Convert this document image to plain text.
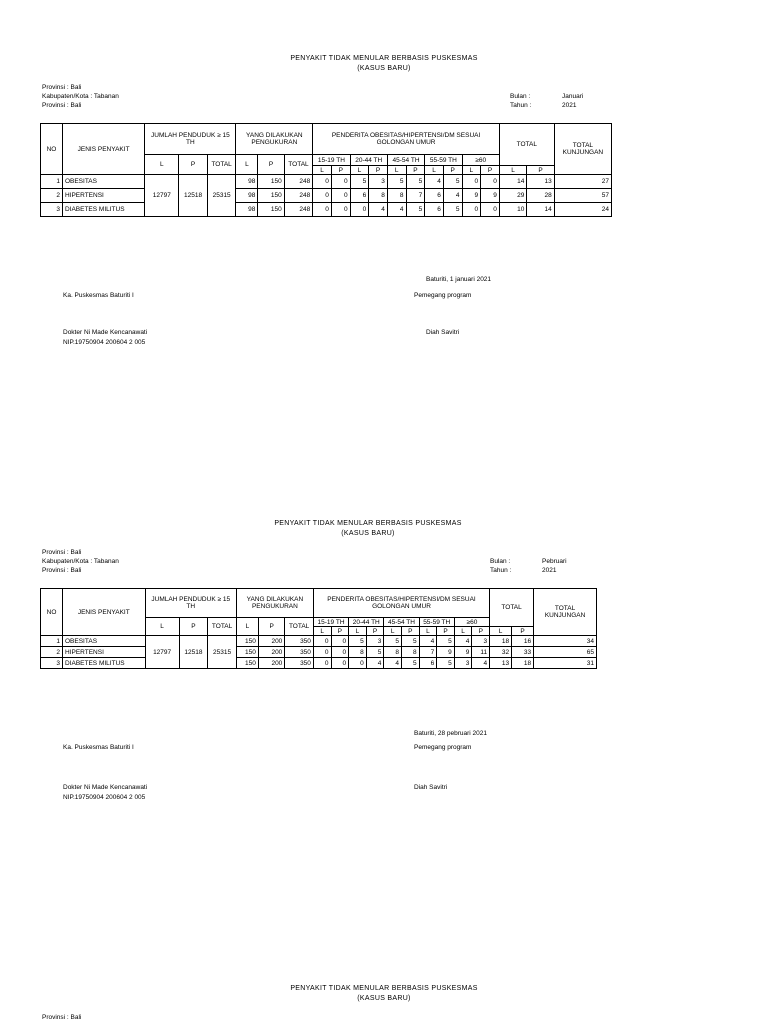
PENYAKIT TIDAK MENULAR BERBASIS PUSKESMAS
(KASUS BARU)
Provinsi : Bali
Kabupaten/Kota : Tabanan
Provinsi : Bali
Bulan :	Januari
Tahun :	2021
NO	JENIS PENYAKIT	JUMLAH PENDUDUK ≥ 15 TH			YANG DILAKUKAN PENGUKURAN			PENDERITA OBESITAS/HIPERTENSI/DM SESUAI GOLONGAN UMUR										TOTAL		TOTAL KUNJUNGAN
		L	P	TOTAL	L	P	TOTAL	15-19 TH		20-44 TH		45-54 TH		55-59 TH		≥60				
								L	P	L	P	L	P	L	P	L	P	L	P	
1	OBESITAS	12797	12518	25315	98	150	248	0	0	5	3	5	5	4	5	0	0	14	13	27
2	HIPERTENSI				98	150	248	0	0	6	8	8	7	6	4	9	9	29	28	57
3	DIABETES MILITUS				98	150	248	0	0	0	4	4	5	6	5	0	0	10	14	24
Baturiti, 1 januari 2021
Ka. Puskesmas Baturiti I	Pemegang program
Dokter Ni Made Kencanawati
NIP.19750904 200604 2 005
Diah Savitri
PENYAKIT TIDAK MENULAR BERBASIS PUSKESMAS
(KASUS BARU)
Provinsi : Bali
Kabupaten/Kota : Tabanan
Provinsi : Bali
Bulan :	Pebruari
Tahun :	2021
NO	JENIS PENYAKIT	JUMLAH PENDUDUK ≥ 15 TH			YANG DILAKUKAN PENGUKURAN			PENDERITA OBESITAS/HIPERTENSI/DM SESUAI GOLONGAN UMUR										TOTAL		TOTAL KUNJUNGAN
		L	P	TOTAL	L	P	TOTAL	15-19 TH		20-44 TH		45-54 TH		55-59 TH		≥60				
								L	P	L	P	L	P	L	P	L	P	L	P	
1	OBESITAS	12797	12518	25315	150	200	350	0	0	5	3	5	5	4	5	4	3	18	16	34
2	HIPERTENSI				150	200	350	0	0	8	5	8	8	7	9	9	11	32	33	65
3	DIABETES MILITUS				150	200	350	0	0	0	4	4	5	6	5	3	4	13	18	31
Baturiti, 28 pebruari 2021
Ka. Puskesmas Baturiti I	Pemegang program
Dokter Ni Made Kencanawati
NIP.19750904 200604 2 005
Diah Savitri
PENYAKIT TIDAK MENULAR BERBASIS PUSKESMAS
(KASUS BARU)
Provinsi : Bali
